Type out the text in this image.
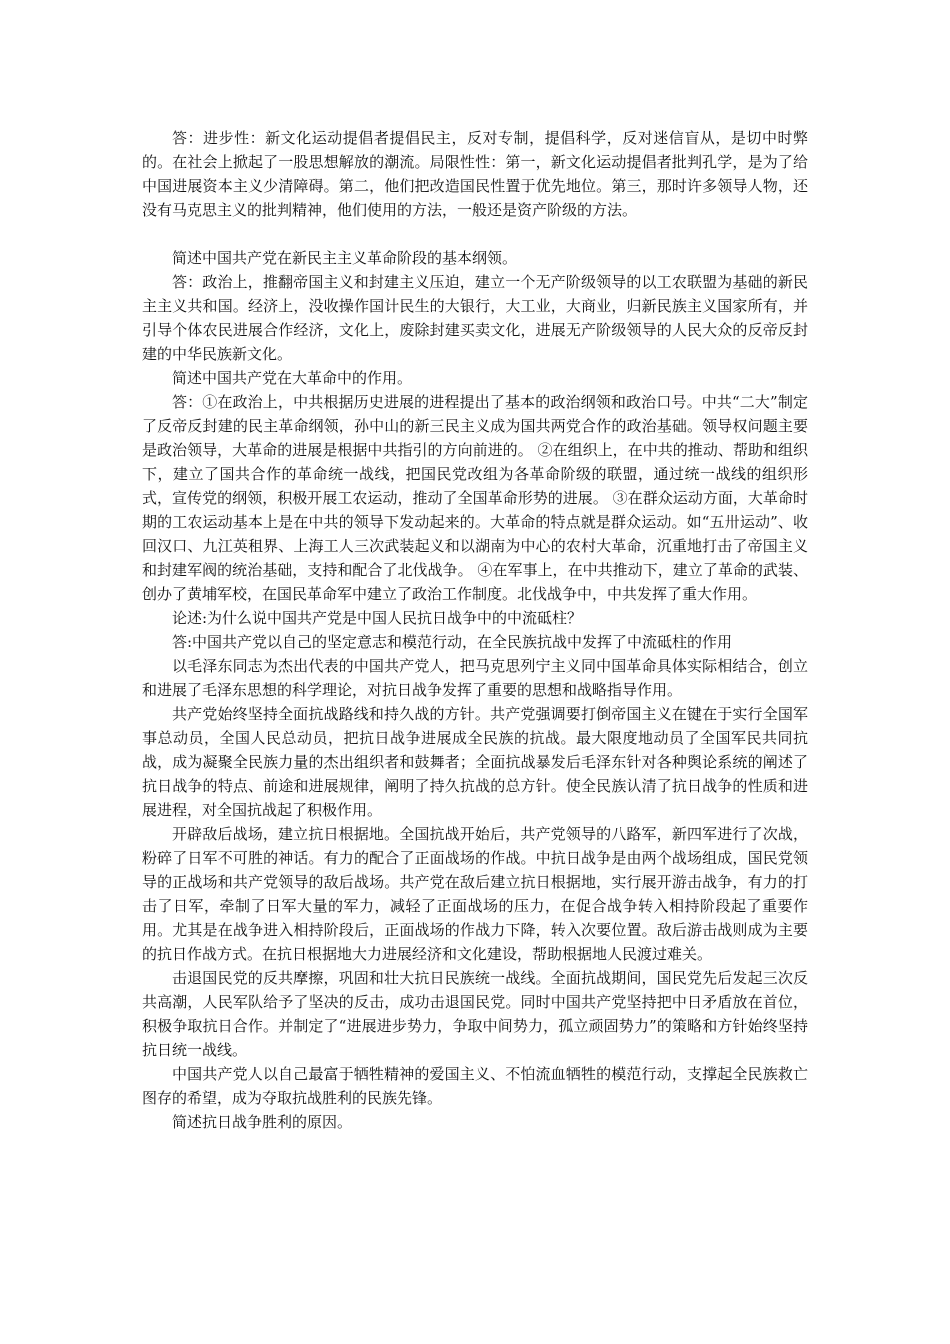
答：进步性：新文化运动提倡者提倡民主，反对专制，提倡科学，反对迷信盲从，是切中时弊的。在社会上掀起了一股思想解放的潮流。局限性性：第一，新文化运动提倡者批判孔学，是为了给中国进展资本主义少清障碍。第二，他们把改造国民性置于优先地位。第三，那时许多领导人物，还没有马克思主义的批判精神，他们使用的方法，一般还是资产阶级的方法。

简述中国共产党在新民主主义革命阶段的基本纲领。

答：政治上，推翻帝国主义和封建主义压迫，建立一个无产阶级领导的以工农联盟为基础的新民主主义共和国。经济上，没收操作国计民生的大银行，大工业，大商业，归新民族主义国家所有，并引导个体农民进展合作经济，文化上，废除封建买卖文化，进展无产阶级领导的人民大众的反帝反封建的中华民族新文化。

简述中国共产党在大革命中的作用。

答：①在政治上，中共根据历史进展的进程提出了基本的政治纲领和政治口号。中共“二大”制定了反帝反封建的民主革命纲领，孙中山的新三民主义成为国共两党合作的政治基础。领导权问题主要是政治领导，大革命的进展是根据中共指引的方向前进的。 ②在组织上，在中共的推动、帮助和组织下，建立了国共合作的革命统一战线，把国民党改组为各革命阶级的联盟，通过统一战线的组织形式，宣传党的纲领，积极开展工农运动，推动了全国革命形势的进展。 ③在群众运动方面，大革命时期的工农运动基本上是在中共的领导下发动起来的。大革命的特点就是群众运动。如“五卅运动”、收回汉口、九江英租界、上海工人三次武装起义和以湖南为中心的农村大革命，沉重地打击了帝国主义和封建军阀的统治基础，支持和配合了北伐战争。 ④在军事上，在中共推动下，建立了革命的武装、创办了黄埔军校，在国民革命军中建立了政治工作制度。北伐战争中，中共发挥了重大作用。

论述:为什么说中国共产党是中国人民抗日战争中的中流砥柱？

答:中国共产党以自己的坚定意志和模范行动，在全民族抗战中发挥了中流砥柱的作用

以毛泽东同志为杰出代表的中国共产党人，把马克思列宁主义同中国革命具体实际相结合，创立和进展了毛泽东思想的科学理论，对抗日战争发挥了重要的思想和战略指导作用。

共产党始终坚持全面抗战路线和持久战的方针。共产党强调要打倒帝国主义在键在于实行全国军事总动员，全国人民总动员，把抗日战争进展成全民族的抗战。最大限度地动员了全国军民共同抗战，成为凝聚全民族力量的杰出组织者和鼓舞者；全面抗战暴发后毛泽东针对各种舆论系统的阐述了抗日战争的特点、前途和进展规律，阐明了持久抗战的总方针。使全民族认清了抗日战争的性质和进展进程，对全国抗战起了积极作用。

开辟敌后战场，建立抗日根据地。全国抗战开始后，共产党领导的八路军，新四军进行了次战，粉碎了日军不可胜的神话。有力的配合了正面战场的作战。中抗日战争是由两个战场组成，国民党领导的正战场和共产党领导的敌后战场。共产党在敌后建立抗日根据地，实行展开游击战争，有力的打击了日军，牵制了日军大量的军力，减轻了正面战场的压力，在促合战争转入相持阶段起了重要作用。尤其是在战争进入相持阶段后，正面战场的作战力下降，转入次要位置。敌后游击战则成为主要的抗日作战方式。在抗日根据地大力进展经济和文化建设，帮助根据地人民渡过难关。

击退国民党的反共摩擦，巩固和壮大抗日民族统一战线。全面抗战期间，国民党先后发起三次反共高潮，人民军队给予了坚决的反击，成功击退国民党。同时中国共产党坚持把中日矛盾放在首位，积极争取抗日合作。并制定了“进展进步势力，争取中间势力，孤立顽固势力”的策略和方针始终坚持抗日统一战线。

中国共产党人以自己最富于牺牲精神的爱国主义、不怕流血牺牲的模范行动，支撑起全民族救亡图存的希望，成为夺取抗战胜利的民族先锋。

简述抗日战争胜利的原因。
